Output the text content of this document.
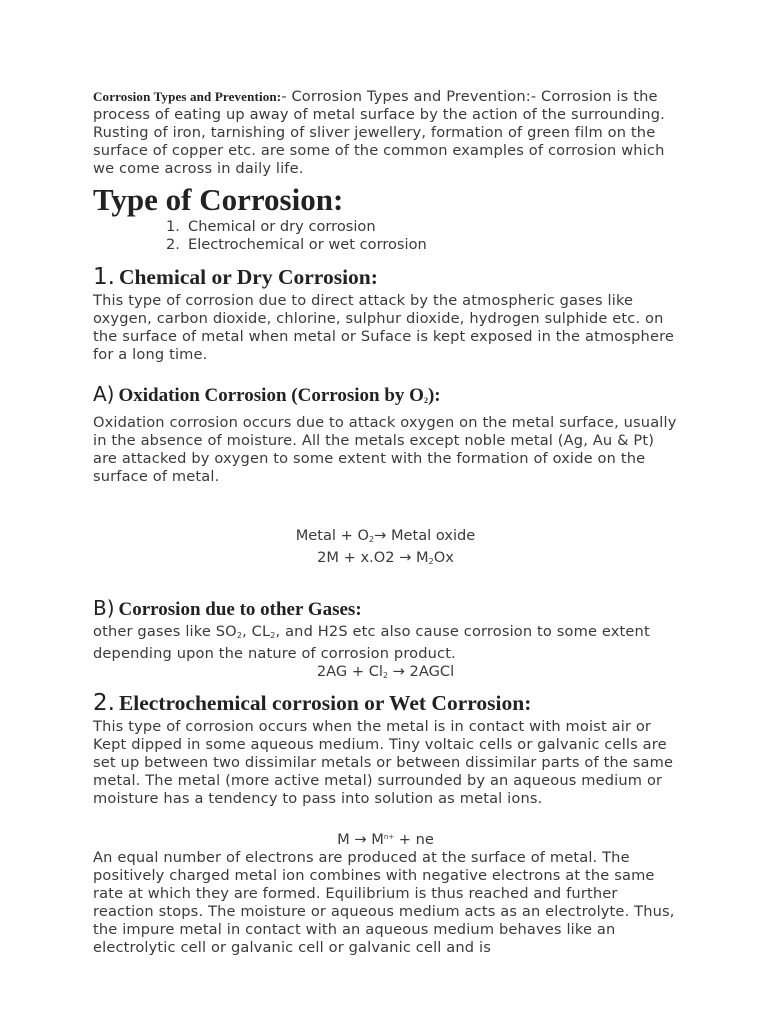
Corrosion Types and Prevention:- Corrosion Types and Prevention:- Corrosion is the process of eating up away of metal surface by the action of the surrounding. Rusting of iron, tarnishing of sliver jewellery, formation of green film on the surface of copper etc. are some of the common examples of corrosion which we come across in daily life.

Type of Corrosion:
1. Chemical or dry corrosion
2. Electrochemical or wet corrosion
1. Chemical or Dry Corrosion:

This type of corrosion due to direct attack by the atmospheric gases like oxygen, carbon dioxide, chlorine, sulphur dioxide, hydrogen sulphide etc. on the surface of metal when metal or Suface is kept exposed in the atmosphere for a long time.

A) Oxidation Corrosion (Corrosion by $O_2$):

Oxidation corrosion occurs due to attack oxygen on the metal surface, usually in the absence of moisture. All the metals except noble metal (Ag, Au & Pt) are attacked by oxygen to some extent with the formation of oxide on the surface of metal.

Metal + $O_2\to$ Metal oxide

$2M + x.O2 \to M_2Ox$

B) Corrosion due to other Gases:

other gases like $SO_2$, $CL_2$, and H2S etc also cause corrosion to some extent depending upon the nature of corrosion product.

$2AG + Cl_2$ → 2AGCl

2. Electrochemical corrosion or Wet Corrosion:

This type of corrosion occurs when the metal is in contact with moist air or Kept dipped in some aqueous medium. Tiny voltaic cells or galvanic cells are set up between two dissimilar metals or between dissimilar parts of the same metal. The metal (more active metal) surrounded by an aqueous medium or moisture has a tendency to pass into solution as metal ions.

$M \to M^{n+}$ + ne

An equal number of electrons are produced at the surface of metal. The positively charged metal ion combines with negative electrons at the same rate at which they are formed. Equilibrium is thus reached and further reaction stops. The moisture or aqueous medium acts as an electrolyte. Thus, the impure metal in contact with an aqueous medium behaves like an electrolytic cell or galvanic cell or galvanic cell and is
